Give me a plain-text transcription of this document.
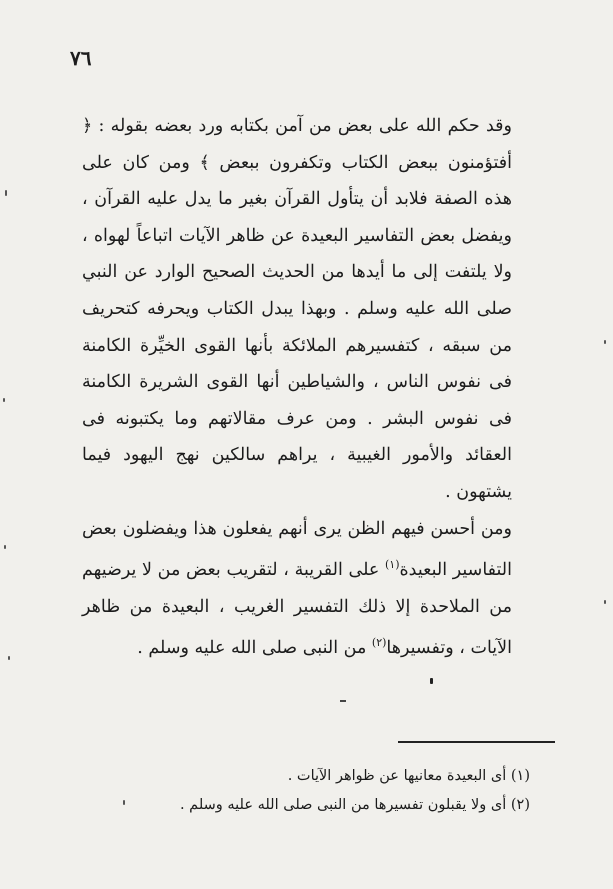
٧٦

وقد حكم الله على بعض من آمن بكتابه ورد بعضه بقوله : ﴿ أفتؤمنون ببعض الكتاب وتكفرون ببعض ﴾ ومن كان على هذه الصفة فلابد أن يتأول القرآن بغير ما يدل عليه القرآن ، ويفضل بعض التفاسير البعيدة عن ظاهر الآيات اتباعاً لهواه ، ولا يلتفت إلى ما أيدها من الحديث الصحيح الوارد عن النبي صلى الله عليه وسلم . وبهذا يبدل الكتاب ويحرفه كتحريف من سبقه ، كتفسيرهم الملائكة بأنها القوى الخيِّرة الكامنة فى نفوس الناس ، والشياطين أنها القوى الشريرة الكامنة فى نفوس البشر . ومن عرف مقالاتهم وما يكتبونه فى العقائد والأمور الغيبية ، يراهم سالكين نهج اليهود فيما يشتهون .

ومن أحسن فيهم الظن يرى أنهم يفعلون هذا ويفضلون بعض التفاسير البعيدة$^{(١)}$ على القريبة ، لتقريب بعض من لا يرضيهم من الملاحدة إلا ذلك التفسير الغريب ، البعيدة من ظاهر الآيات ، وتفسيرها$^{(٢)}$ من النبى صلى الله عليه وسلم .

(١) أى البعيدة معانيها عن ظواهر الآيات .

(٢) أى ولا يقبلون تفسيرها من النبى صلى الله عليه وسلم .
